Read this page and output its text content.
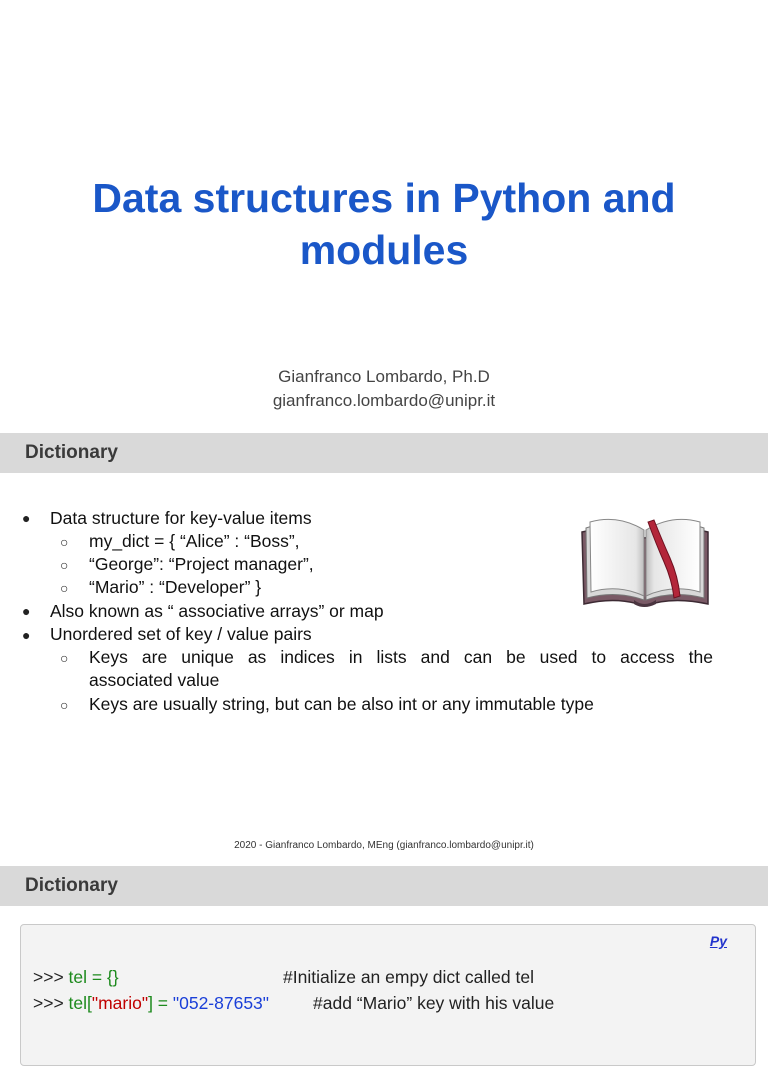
Data structures in Python and
modules
Gianfranco Lombardo, Ph.D
gianfranco.lombardo@unipr.it
Dictionary
● Data structure for key-value items
○ my_dict = { “Alice” : “Boss”,
○ “George”: “Project manager”,
○ “Mario” : “Developer” }
● Also known as “ associative arrays” or map
● Unordered set of key / value pairs
○ Keys are unique as indices in lists and can be used to access the
associated value
○ Keys are usually string, but can be also int or any immutable type
2020 - Gianfranco Lombardo, MEng (gianfranco.lombardo@unipr.it)
Dictionary
Py
>>> tel = {}	#Initialize an empy dict called tel
>>> tel["mario"] = "052-87653"	#add “Mario” key with his value
